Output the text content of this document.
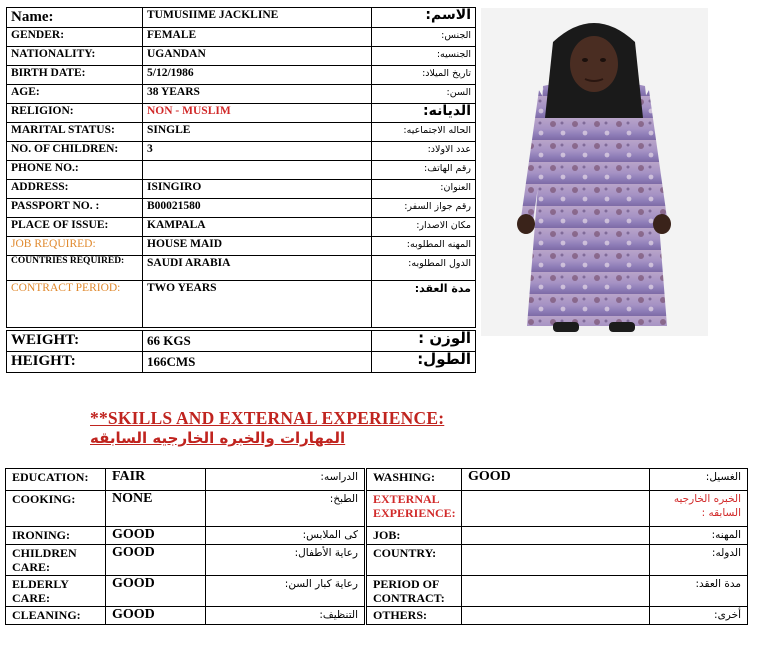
Name:	TUMUSIIME JACKLINE	الاسم:
GENDER:	FEMALE	الجنس:
NATIONALITY:	UGANDAN	الجنسيه:
BIRTH DATE:	5/12/1986	تاريخ الميلاد:
AGE:	38 YEARS	السن:
RELIGION:	NON - MUSLIM	الديانه:
MARITAL STATUS:	SINGLE	الحاله الاجتماعيه:
NO. OF CHILDREN:	3	عدد الاولاد:
PHONE NO.:		رقم الهاتف:
ADDRESS:	ISINGIRO	العنوان:
PASSPORT NO. :	B00021580	رقم جواز السفر:
PLACE OF ISSUE:	KAMPALA	مكان الاصدار:
JOB REQUIRED:	HOUSE MAID	المهنه المطلوبه:
COUNTRIES REQUIRED:	SAUDI ARABIA	الدول المطلوبه:
CONTRACT PERIOD:	TWO YEARS	مدة العقد:

WEIGHT:	66 KGS	الوزن :
HEIGHT:	166CMS	الطول:
**SKILLS AND EXTERNAL EXPERIENCE:
المهارات والخبره الخارجيه السابقه
EDUCATION:	FAIR	الدراسه:	WASHING:	GOOD	الغسيل:
COOKING:	NONE	الطبخ:	EXTERNAL EXPERIENCE:		الخبره الخارجيه السابقه :
IRONING:	GOOD	كى الملابس:	JOB:		المهنه:
CHILDREN CARE:	GOOD	رعاية الأطفال:	COUNTRY:		الدوله:
ELDERLY CARE:	GOOD	رعاية كبار السن:	PERIOD OF CONTRACT:		مدة العقد:
CLEANING:	GOOD	التنظيف:	OTHERS:		أخرى:
